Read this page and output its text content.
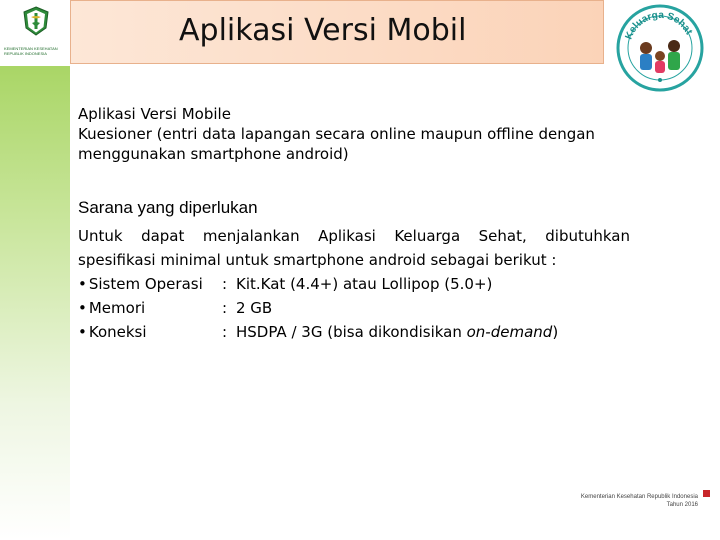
KEMENTERIAN KESEHATAN REPUBLIK INDONESIA
Aplikasi Versi Mobil	Keluarga Sehat
Aplikasi Versi Mobile
Kuesioner (entri data lapangan secara online maupun offline dengan
menggunakan smartphone android)
Sarana yang diperlukan
Untuk dapat menjalankan Aplikasi Keluarga Sehat, dibutuhkan
spesifikasi minimal untuk smartphone android sebagai berikut :
• Sistem Operasi : Kit.Kat (4.4+) atau Lollipop (5.0+)
• Memori	: 2 GB
• Koneksi	: HSDPA / 3G (bisa dikondisikan on-demand)
Kementerian Kesehatan Republik Indonesia
Tahun 2016
